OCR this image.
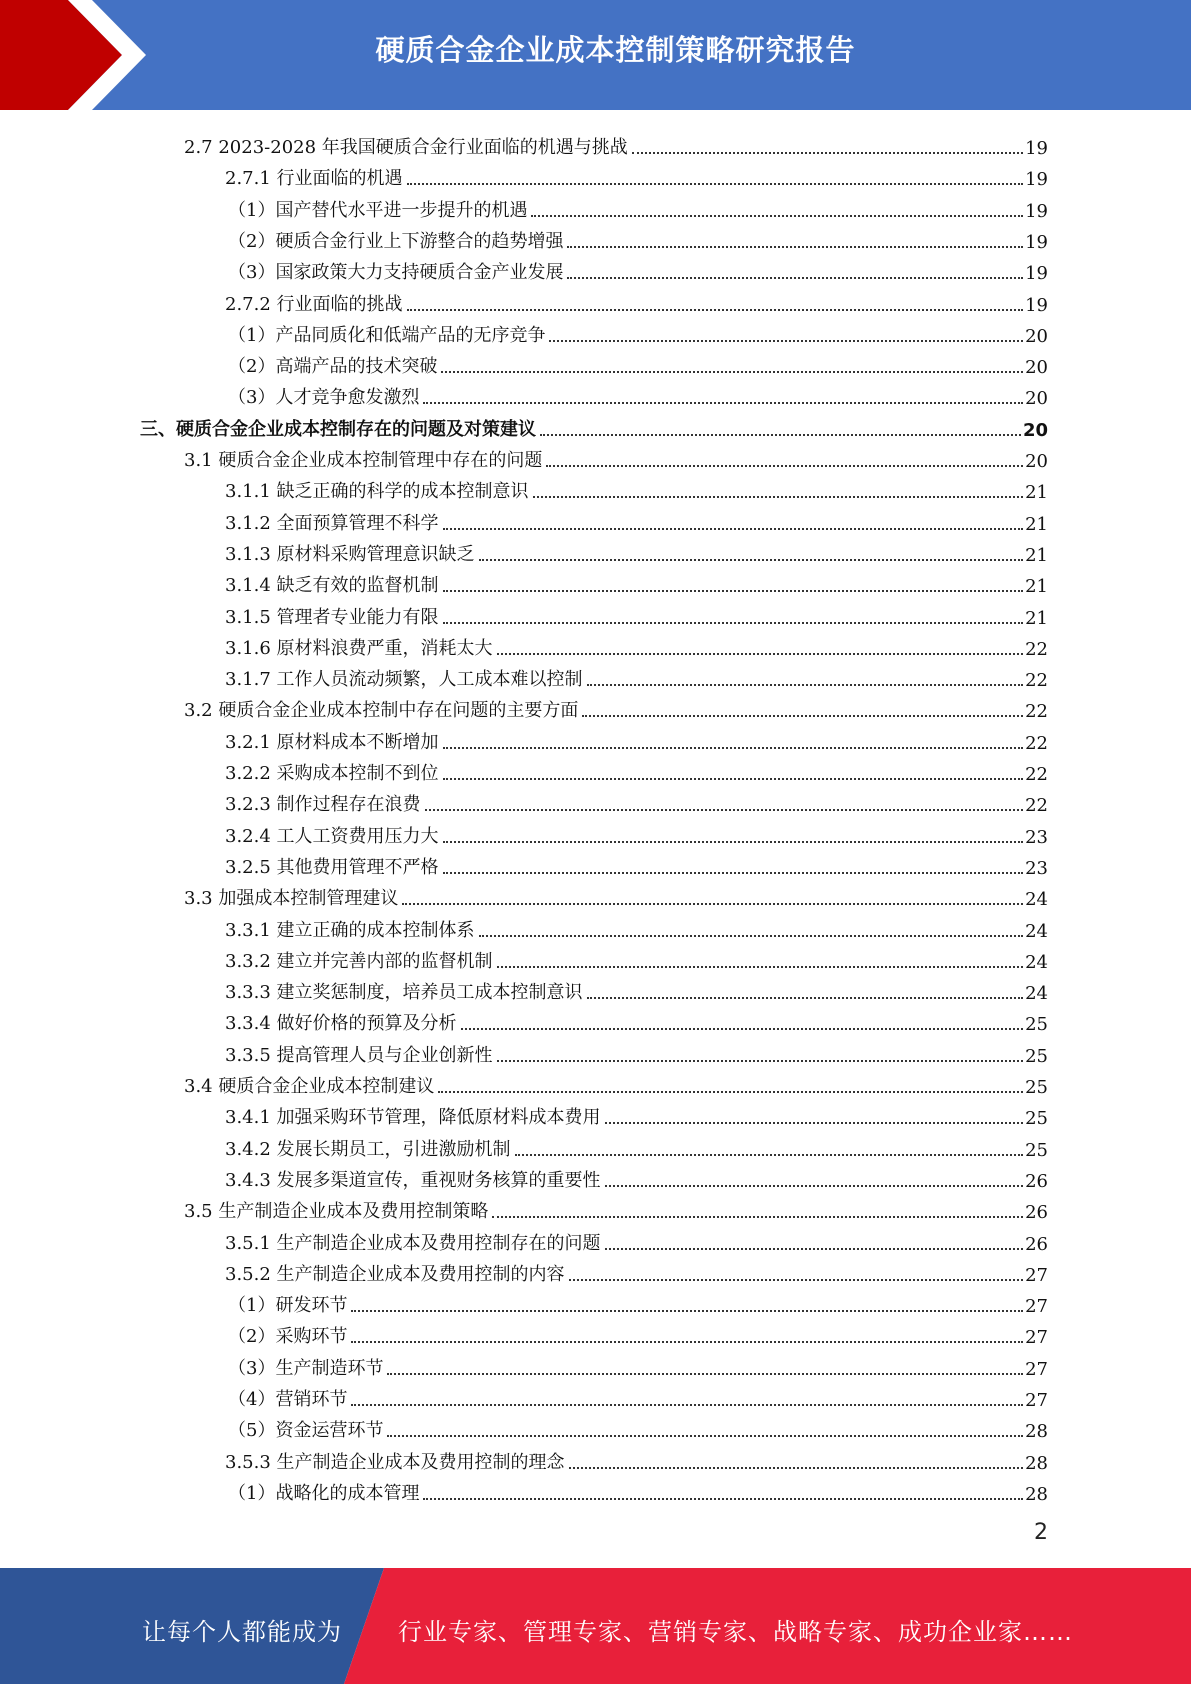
硬质合金企业成本控制策略研究报告
2.7 2023-2028 年我国硬质合金行业面临的机遇与挑战	19
2.7.1 行业面临的机遇	19
（1）国产替代水平进一步提升的机遇	19
（2）硬质合金行业上下游整合的趋势增强	19
（3）国家政策大力支持硬质合金产业发展	19
2.7.2 行业面临的挑战	19
（1）产品同质化和低端产品的无序竞争	20
（2）高端产品的技术突破	20
（3）人才竞争愈发激烈	20
三、硬质合金企业成本控制存在的问题及对策建议	20
3.1 硬质合金企业成本控制管理中存在的问题	20
3.1.1 缺乏正确的科学的成本控制意识	21
3.1.2 全面预算管理不科学	21
3.1.3 原材料采购管理意识缺乏	21
3.1.4 缺乏有效的监督机制	21
3.1.5 管理者专业能力有限	21
3.1.6 原材料浪费严重，消耗太大	22
3.1.7 工作人员流动频繁，人工成本难以控制	22
3.2 硬质合金企业成本控制中存在问题的主要方面	22
3.2.1 原材料成本不断增加	22
3.2.2 采购成本控制不到位	22
3.2.3 制作过程存在浪费	22
3.2.4 工人工资费用压力大	23
3.2.5 其他费用管理不严格	23
3.3 加强成本控制管理建议	24
3.3.1 建立正确的成本控制体系	24
3.3.2 建立并完善内部的监督机制	24
3.3.3 建立奖惩制度，培养员工成本控制意识	24
3.3.4 做好价格的预算及分析	25
3.3.5 提高管理人员与企业创新性	25
3.4 硬质合金企业成本控制建议	25
3.4.1 加强采购环节管理，降低原材料成本费用	25
3.4.2 发展长期员工，引进激励机制	25
3.4.3 发展多渠道宣传，重视财务核算的重要性	26
3.5 生产制造企业成本及费用控制策略	26
3.5.1 生产制造企业成本及费用控制存在的问题	26
3.5.2 生产制造企业成本及费用控制的内容	27
（1）研发环节	27
（2）采购环节	27
（3）生产制造环节	27
（4）营销环节	27
（5）资金运营环节	28
3.5.3 生产制造企业成本及费用控制的理念	28
（1）战略化的成本管理	28
2
让每个人都能成为 行业专家、管理专家、营销专家、战略专家、成功企业家……
